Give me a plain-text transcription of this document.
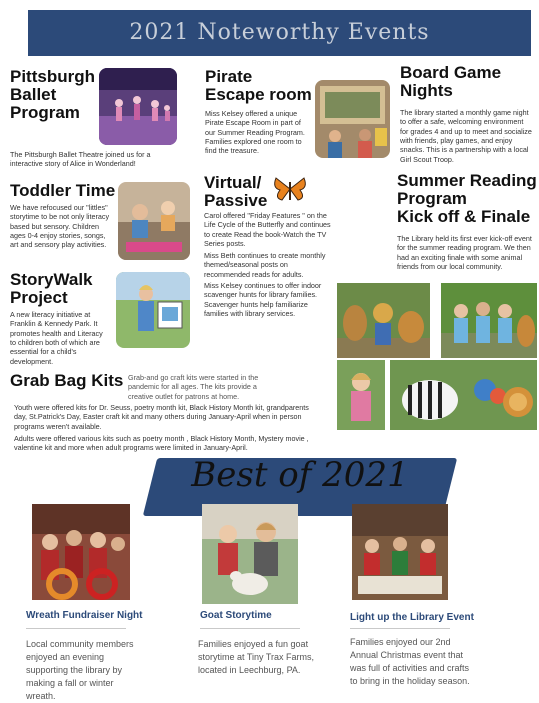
2021 Noteworthy Events
Pittsburgh
Ballet
Program
The Pittsburgh Ballet Theatre joined us for a interactive story of Alice in Wonderland!
Pirate
Escape room
Miss Kelsey offered a unique Pirate Escape Room in part of our Summer Reading Program. Families explored one room to find the treasure.
Board Game
Nights
The library started a monthly game night to offer a safe, welcoming environment for grades 4 and up to meet and socialize with friends, play games, and enjoy snacks. This is a partnership with a local Girl Scout Troop.
Toddler Time
We have refocused our "littles" storytime to be not only literacy based but sensory. Children ages 0-4 enjoy stories, songs, art and sensory play activities.
Virtual/
Passive
Carol offered "Friday Features " on the Life Cycle of the Butterfly and continues to create Read the book-Watch the TV Series posts.
Miss Beth continues to create monthly themed/seasonal posts on recommended reads for adults.
Miss Kelsey continues to offer indoor scavenger hunts for library families. Scavenger hunts help familiarize families with library services.
Summer Reading
Program
Kick off & Finale
The Library held its first ever kick-off event for the summer reading program. We then had an exciting finale with some animal friends from our local community.
StoryWalk
Project
A new literacy initiative at Franklin & Kennedy Park. It promotes health and Literacy to children both of which are essential for a child's development.
Grab Bag Kits Grab-and go craft kits were started in the pandemic for all ages. The kits provide a creative outlet for patrons at home.
Youth were offered kits for Dr. Seuss, poetry month kit, Black History Month kit, grandparents day, St.Patrick's Day, Easter craft kit and many others during January-April when in person programs weren't available.
Adults were offered various kits such as poetry month , Black History Month, Mystery movie , valentine kit and more when adult programs were limited in January-April.
Best of 2021
Wreath Fundraiser Night
Local community members enjoyed an evening supporting the library by making a fall or winter wreath.
Goat Storytime
Families enjoyed a fun goat storytime at Tiny Trax Farms, located in Leechburg, PA.
Light up the Library Event
Families enjoyed our 2nd Annual Christmas event that was full of activities and crafts to bring in the holiday season.
